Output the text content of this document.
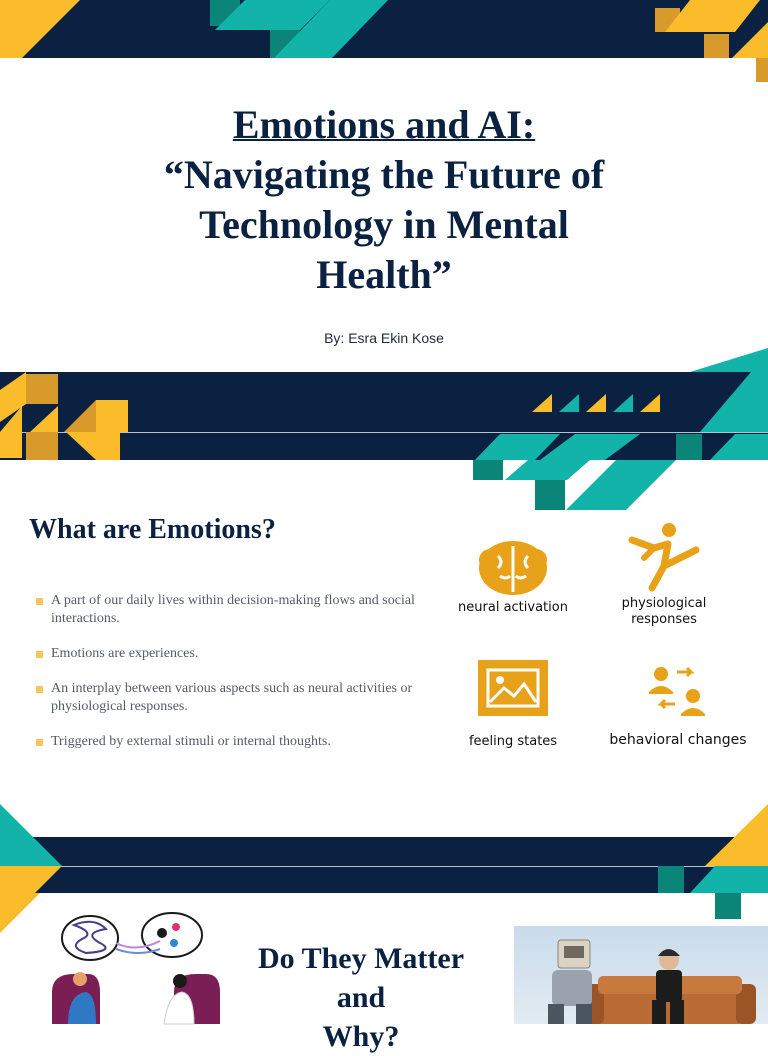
Emotions and AI:
“Navigating the Future of
Technology in Mental
Health”
By: Esra Ekin Kose
What are Emotions?
A part of our daily lives within decision-making flows and social interactions.
Emotions are experiences.
An interplay between various aspects such as neural activities or physiological responses.
Triggered by external stimuli or internal thoughts.
neural activation	physiological
responses
feeling states	behavioral changes
Do They Matter
and
Why?
